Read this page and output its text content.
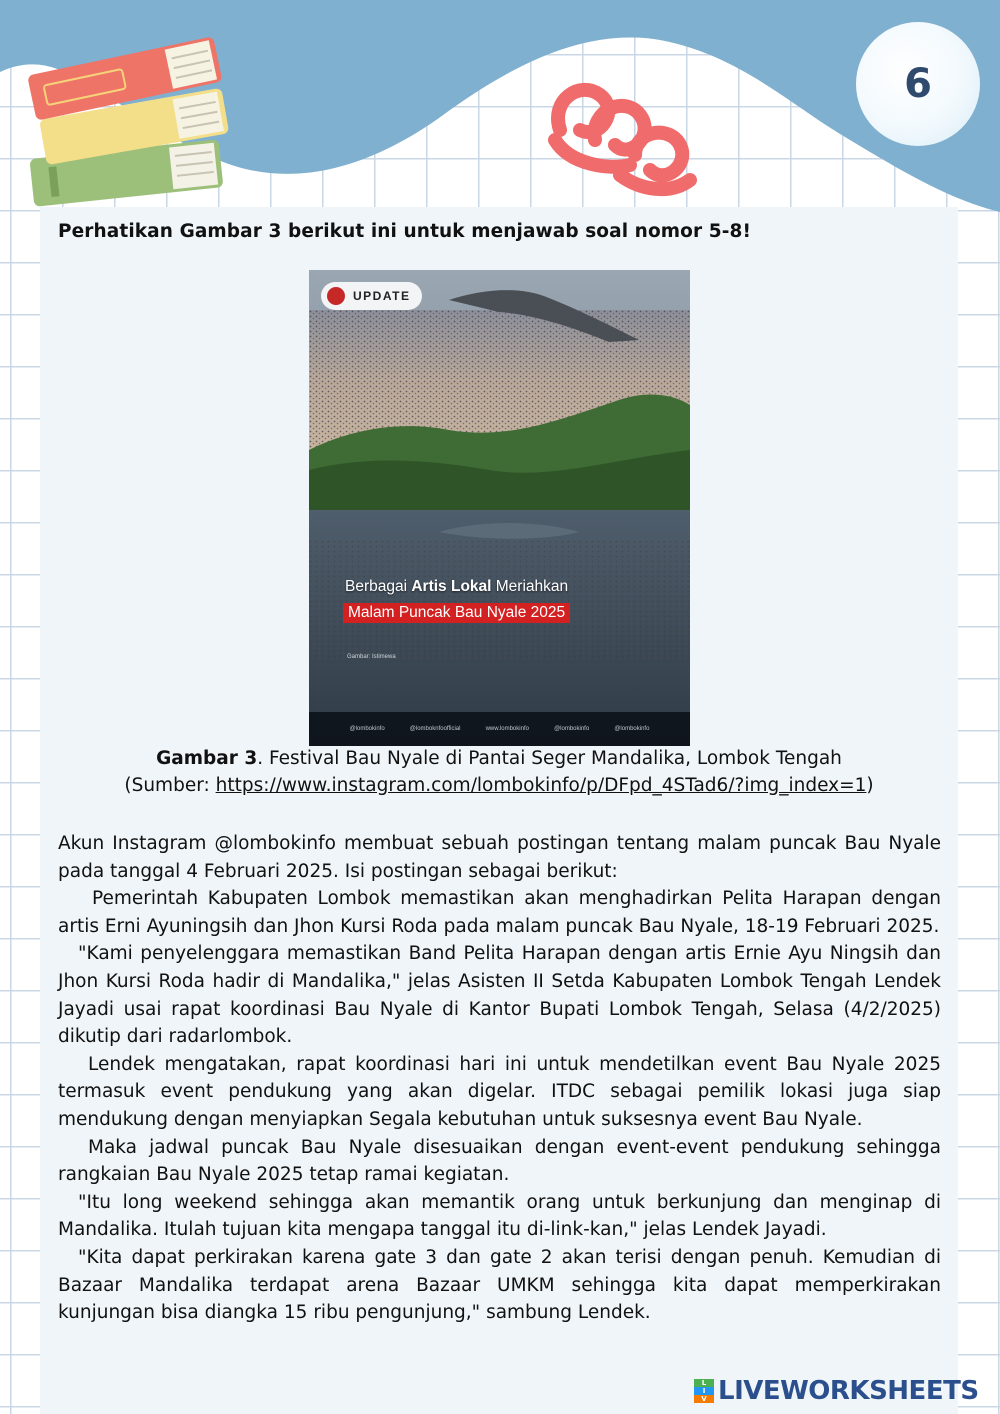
6
Perhatikan Gambar 3 berikut ini untuk menjawab soal nomor 5-8!
UPDATE
Berbagai Artis Lokal Meriahkan
Malam Puncak Bau Nyale 2025
Gambar: Istimewa
@lombokinfo	@lomboknfoofficial	www.lombokinfo	@lombokinfo	@lombokinfo
Gambar 3. Festival Bau Nyale di Pantai Seger Mandalika, Lombok Tengah
(Sumber: https://www.instagram.com/lombokinfo/p/DFpd_4STad6/?img_index=1)

Akun Instagram @lombokinfo membuat sebuah postingan tentang malam puncak Bau Nyale pada tanggal 4 Februari 2025. Isi postingan sebagai berikut:

Pemerintah Kabupaten Lombok memastikan akan menghadirkan Pelita Harapan dengan artis Erni Ayuningsih dan Jhon Kursi Roda pada malam puncak Bau Nyale, 18-19 Februari 2025.

"Kami penyelenggara memastikan Band Pelita Harapan dengan artis Ernie Ayu Ningsih dan Jhon Kursi Roda hadir di Mandalika," jelas Asisten II Setda Kabupaten Lombok Tengah Lendek Jayadi usai rapat koordinasi Bau Nyale di Kantor Bupati Lombok Tengah, Selasa (4/2/2025) dikutip dari radarlombok.

Lendek mengatakan, rapat koordinasi hari ini untuk mendetilkan event Bau Nyale 2025 termasuk event pendukung yang akan digelar. ITDC sebagai pemilik lokasi juga siap mendukung dengan menyiapkan Segala kebutuhan untuk suksesnya event Bau Nyale.

Maka jadwal puncak Bau Nyale disesuaikan dengan event-event pendukung sehingga rangkaian Bau Nyale 2025 tetap ramai kegiatan.

"Itu long weekend sehingga akan memantik orang untuk berkunjung dan menginap di Mandalika. Itulah tujuan kita mengapa tanggal itu di-link-kan," jelas Lendek Jayadi.

"Kita dapat perkirakan karena gate 3 dan gate 2 akan terisi dengan penuh. Kemudian di Bazaar Mandalika terdapat arena Bazaar UMKM sehingga kita dapat memperkirakan kunjungan bisa diangka 15 ribu pengunjung," sambung Lendek.

L
I
V LIVEWORKSHEETS
